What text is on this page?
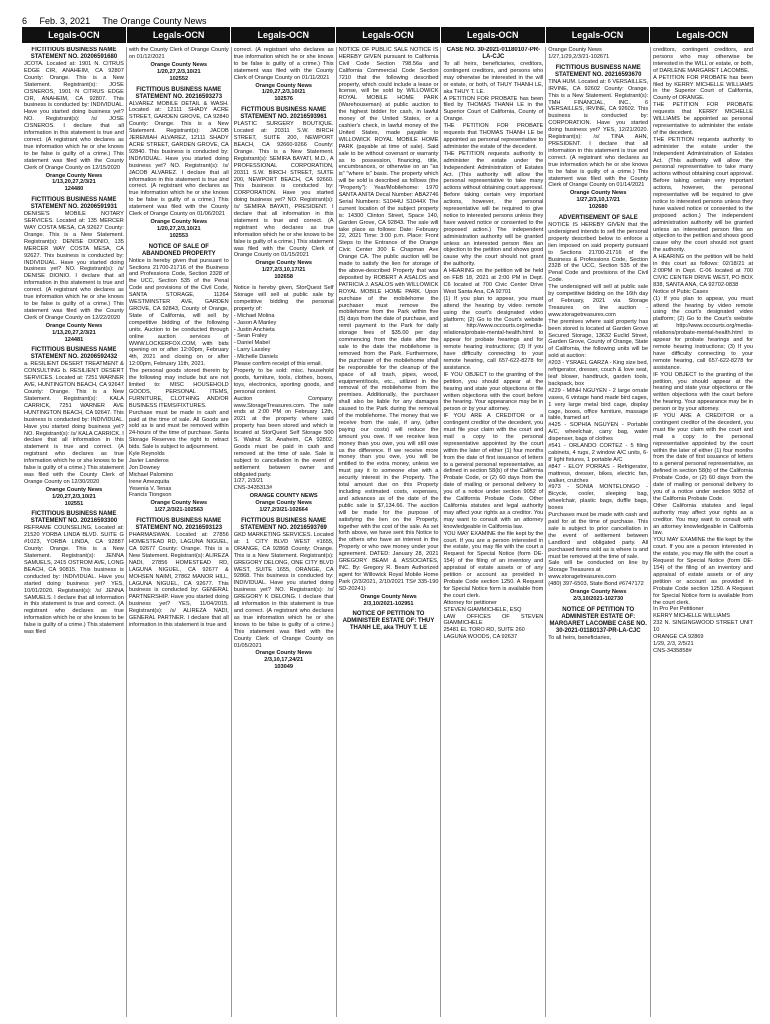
6 Feb. 3, 2021 The Orange County News
Legals-OCN	Legals-OCN	Legals-OCN	Legals-OCN	Legals-OCN	Legals-OCN	Legals-OCN
FICTITIOUS BUSINESS NAME STATEMENT NO. 20206591680
JCOTA. Located at: 1901 N. CITRUS EDGE CIR, ANAHEIM, CA 92807 County: Orange. This is a New Statement. Registrant(s): JOSE CISNEROS, 1901 N CITRUS EDGE CIR, ANAHEIM, CA 92807. This business is conducted by: INDIVIDUAL. Have you started doing business yet? NO. Registrant(s): /s/ JOSE CISNEROS. I declare that all information in this statement is true and correct. (A registrant who declares as true information which he or she knows to be false is guilty of a crime.) This statement was filed with the County Clerk of Orange County on 12/15/2020
Orange County News
1/13,20,27,2/3/21
124480
FICTITIOUS BUSINESS NAME STATEMENT NO. 20206591931
DENISE'S MOBILE NOTARY SERVICES. Located at: 135 MERCER WAY COSTA MESA, CA 92627 County: Orange. This is a New Statement. Registrant(s): DENISE DIONIO, 135 MERCER WAY COSTA MESA, CA 92627. This business is conducted by: INDIVIDUAL. Have you started doing business yet? NO. Registrant(s): /s/ DENISE DIONIO. I declare that all information in this statement is true and correct. (A registrant who declares as true information which he or she knows to be false is guilty of a crime.) This statement was filed with the County Clerk of Orange County on 12/22/2020
Orange County News
1/13,20,27,2/3/21
124481
FICTITIOUS BUSINESS NAME STATEMENT NO. 20206592432
a. RESILIENT DESERT TREATMENT & CONSULTING b. RESILIENT DESERT SERVICES. Located at: 7251 WARNER AVE, HUNTINGTON BEACH, CA 92647 County: Orange. This is a New Statement. Registrant(s): KALA CARRICK, 7251 WARNER AVE HUNTINGTON BEACH, CA 92647. This business is conducted by: INDIVIDUAL. Have you started doing business yet? NO. Registrant(s): /s/ KALA CARRICK. I declare that all information in this statement is true and correct. (A registrant who declares as true information which he or she knows to be false is guilty of a crime.) This statement was filed with the County Clerk of Orange County on 12/30/2020
Orange County News
1/20,27,2/3,10/21
102551
FICTITIOUS BUSINESS NAME STATEMENT NO. 20216593300
REFRAME COUNSELING. Located at: 21520 YORBA LINDA BLVD. SUITE G #1023, YORBA LINDA, CA 92887 County: Orange. This is a New Statement. Registrant(s): JENNA SAMUELS, 2415 OSTROM AVE, LONG BEACH, CA 90815. This business is conducted by: INDIVIDUAL. Have you started doing business yet? YES, 10/01/2020. Registrant(s): /s/ JENNA SAMUELS. I declare that all information in this statement is true and correct. (A registrant who declares as true information which he or she knows to be false is guilty of a crime.) This statement was filed
with the County Clerk of Orange County on 01/12/2021
Orange County News
1/20,27,2/3,10/21
102552
FICTITIOUS BUSINESS NAME STATEMENT NO. 20216593273
ALVAREZ MOBILE DETAIL & WASH. Located at: 12111 SHADY ACRE STREET, GARDEN GROVE, CA 92840 County: Orange. This is a New Statement. Registrant(s): JACOB JEREMIAH ALVAREZ, 12111 SHADY ACRE STREET, GARDEN GROVE, CA 92840. This business is conducted by: INDIVIDUAL. Have you started doing business yet? NO. Registrant(s): /s/ JACOB ALVAREZ. I declare that all information in this statement is true and correct. (A registrant who declares as true information which he or she knows to be false is guilty of a crime.) This statement was filed with the County Clerk of Orange County on 01/06/2021
Orange County News
1/20,27,2/3,10/21
102553
NOTICE OF SALE OF ABANDONED PROPERTY
Notice is hereby given that pursuant to Sections 21700-21716 of the Business and Professions Code, Section 2328 of the UCC, Section 535 of the Penal Code and provisions of the Civil Code, SANTA STORAGE, 11264 WESTMINSTER AVE, GARDEN GROVE, CA 92843, County of Orange, State of California, will sell by competitive bidding of the following units. Auction to be conducted through online auction services of WWW.LOCKERFOX.COM, with bids opening on or after 12:00pm, February 4th, 2021 and closing on or after 12:00pm, February 11th, 2021.
The personal goods stored therein by the following may include but are not limited to: MISC HOUSEHOLD GOODS, PERSONAL ITEMS, FURNITURE, CLOTHING AND/OR BUSINESS ITEMS/FIXTURES.
Purchase must be made in cash and paid at the time of sale. All Goods are sold as is and must be removed within 24-hours of the time of purchase. Santa Storage Reserves the right to retract bids. Sale is subject to adjournment.
Kyle Reynolds
Javier Landeros
Jon Downey
Michael Palomino
Irene Amezquita
Yesenia V. Tenas
Francis Tiongson
Orange County News
1/27,2/3/21-102563
FICTITIOUS BUSINESS NAME STATEMENT NO. 20216593123
PHARMASWAN. Located at: 27856 HOMESTEAD RD, LAGUNA NIGUEL, CA 92677 County: Orange. This is a New Statement. Registrant(s): ALIREZA NADI, 27856 HOMESTEAD RD, LAGUNA NIGUEL, CA 92677 & MOHSEN NAIMI, 27862 MANOR HILL, LAGUNA NIGUEL, CA 92677. This business is conducted by: GENERAL PARTNERSHIP. Have you started doing business yet? YES, 11/04/2015. Registrant(s): /s/ ALIREZA NADI, GENERAL PARTNER. I declare that all information in this statement is true and
correct. (A registrant who declares as true information which he or she knows to be false is guilty of a crime.) This statement was filed with the County Clerk of Orange County on 01/11/2021
Orange County News
1/20,27,2/3,10/21
102576
FICTITIOUS BUSINESS NAME STATEMENT NO. 20216593961
PLASTIC SURGERY BOUTIQUE. Located at: 20311 S.W. BIRCH STREET, SUITE 200, NEWPORT BEACH, CA 92660-9266 County: Orange. This is a New Statement. Registrant(s): SEMIRA BAYATI, M.D., A PROFESSIONAL CORPORATION, 20311 S.W. BIRCH STREET, SUITE 200, NEWPORT BEACH, CA 92660. This business is conducted by: CORPORATION. Have you started doing business yet? NO. Registrant(s): /s/ SEMIRA BAYATI, PRESIDENT. I declare that all information in this statement is true and correct. (A registrant who declares as true information which he or she knows to be false is guilty of a crime.) This statement was filed with the County Clerk of Orange County on 01/15/2021
Orange County News
1/27,2/3,10,17/21
102658
Notice is hereby given, StorQuest Self Storage will sell at public sale by competitive bidding the personal property of:
- Michael Molina
- Jason A Manley
- Justin Anchieta
- Sean Fraley
- Daniel Mabel
- Larry Lassley
- Michelle Daniels
Please confirm receipt of this email.
Property to be sold: misc. household goods, furniture, tools, clothes, boxes, toys, electronics, sporting goods, and personal content.
Auction Company: www.StorageTreasures.com. The sale ends at 2:00 PM on February 12th, 2021 at the property where said property has been stored and which is located at StorQuest Self Storage 500 S. Walnut St. Anaheim, CA 92802. Goods must be paid in cash and removed at the time of sale. Sale is subject to cancellation in the event of settlement between owner and obligated party.
1/27, 2/3/21
CNS-3435313#
ORANGE COUNTY NEWS
Orange County News
1/27,2/3/21-102664
FICTITIOUS BUSINESS NAME STATEMENT NO. 20216593769
GKD MARKETING SERVICES. Located at: 1 CITY BLVD WEST #1655, ORANGE, CA 92868 County: Orange. This is a New Statement. Registrant(s): GREGORY DELONG, ONE CITY BLVD WEST, SUITE 1655, ORANGE, CA 92868. This business is conducted by: INDIVIDUAL. Have you started doing business yet? NO. Registrant(s): /s/ GREGORY K DELONG. I declare that all information in this statement is true and correct. (A registrant who declares as true information which he or she knows to be false is guilty of a crime.) This statement was filed with the County Clerk of Orange County on 01/05/2021
Orange County News
2/3,10,17,24/21
103049
NOTICE OF PUBLIC SALE NOTICE IS HEREBY GIVEN pursuant to California Civil Code Section 798.56a and California Commercial Code Section 7210 that the following described property, which could include a lease or license, will be sold by WILLOWICK ROYAL MOBILE HOME PARK (Warehouseman) at public auction to the highest bidder for cash, in lawful money of the United States, or a cashier's check, in lawful money of the United States, made payable to WILLOWICK ROYAL MOBILE HOME PARK (payable at time of sale). Said sale to be without covenant or warranty as to possession, financing, title, encumbrances, or otherwise on an "as is" "where is" basis. The property which will be sold is described as follows (the "Property"): Year/Mobilehome: 1970 SANTA ANITA Decal Number: ABA2746 Serial Numbers: S1044U S1044X The current location of the subject property is: 14300 Clinton Street, Space 140, Garden Grove, CA 92843. The sale will take place as follows: Date: February 22, 2021 Time: 3:00 p.m. Place: Front Steps to the Entrance of the Orange Civic Center 300 E Chapman Ave Orange CA. The public auction will be made to satisfy the lien for storage of the above-described Property that was deposited by ROBERT A ASALOS and PATRICIA J. ASALOS with WILLOWICK ROYAL MOBILE HOME PARK. Upon purchase of the mobilehome the purchaser must remove the mobilehome from the Park within five (5) days from the date of purchase, and remit payment to the Park for daily storage fees of $35.00 per day commencing from the date after the sale to the date the mobilehome is removed from the Park. Furthermore, the purchaser of the mobilehome shall be responsible for the cleanup of the space of all trash, pipes, wood, equipment/tools, etc., utilized in the removal of the mobilehome from the premises. Additionally, the purchaser shall also be liable for any damages caused to the Park during the removal of the mobilehome. The money that we receive from the sale, if any, (after paying our costs) will reduce the amount you owe. If we receive less money than you owe, you will still owe us the difference. If we receive more money than you owe, you will be entitled to the extra money, unless we must pay it to someone else with a security interest in the Property. The total amount due on this Property including estimated costs, expenses, and advances as of the date of the public sale is $7,134.66. The auction will be made for the purpose of satisfying the lien on the Property, together with the cost of the sale. As set forth above, we have sent this Notice to the others who have an interest in the Property or who owe money under your agreement. DATED: January 28, 2021 GREGORY BEAM & ASSOCIATES, INC. By: Gregory R. Beam Authorized agent for Willowick Royal Mobile Home Park (2/3/2021, 2/10/2021 TS# 335-190 SD-20241)
Orange County News
2/3,10/2021-102951
NOTICE OF PETITION TO ADMINISTER ESTATE OF: THUY THANH LE, aka THUY T. LE
CASE NO. 30-2021-01180107-PR-LA-CJC
To all heirs, beneficiaries, creditors, contingent creditors, and persons who may otherwise be interested in the will or estate, or both, of THUY THANH LE, aka THUY T. LE.
A PETITION FOR PROBATE has been filed by THOMAS THANH LE in the Superior Court of California, County of Orange.
THE PETITION FOR PROBATE requests that THOMAS THANH LE be appointed as personal representative to administer the estate of the decedent.
THE PETITION requests authority to administer the estate under the Independent Administration of Estates Act. (This authority will allow the personal representative to take many actions without obtaining court approval. Before taking certain very important actions, however, the personal representative will be required to give notice to interested persons unless they have waived notice or consented to the proposed action.) The independent administration authority will be granted unless an interested person files an objection to the petition and shows good cause why the court should not grant the authority.
A HEARING on the petition will be held on FEB 18, 2021 at 2:00 PM in Dept. C6 located at 700 Civic Center Drive West Santa Ana, CA 92701
(1) If you plan to appear, you must attend the hearing by video remote using the court's designated video platform; (2) Go to the Court's website at http://www.occourts.org/media-relations/probate-mental-health.html to appear for probate hearings and for remote hearing instructions; (3) If you have difficulty connecting to your remote hearing, call 657-622-8278 for assistance.
IF YOU OBJECT to the granting of the petition, you should appear at the hearing and state your objections or file written objections with the court before the hearing. Your appearance may be in person or by your attorney.
IF YOU ARE A CREDITOR or a contingent creditor of the decedent, you must file your claim with the court and mail a copy to the personal representative appointed by the court within the later of either (1) four months from the date of first issuance of letters to a general personal representative, as defined in section 58(b) of the California Probate Code, or (2) 60 days from the date of mailing or personal delivery to you of a notice under section 9052 of the California Probate Code. Other California statutes and legal authority may affect your rights as a creditor. You may want to consult with an attorney knowledgeable in California law.
YOU MAY EXAMINE the file kept by the court. If you are a person interested in the estate, you may file with the court a Request for Special Notice (form DE-154) of the filing of an inventory and appraisal of estate assets or of any petition or account as provided in Probate Code section 1250. A Request for Special Notice form is available from the court clerk.
Attorney for petitioner
STEVEN GIAMMICHELE, ESQ
LAW OFFICES OF STEVEN GIAMMICHELE
25481 EL TORO RD, SUITE 260
LAGUNA WOODS, CA 92637
Orange County News
1/27,1/29,2/3/21-102671
FICTITIOUS BUSINESS NAME STATEMENT NO. 20216593670
TINA HUM. Located at: 6 VERSAILLES, IRVINE, CA 92602 County: Orange. This is a New Statement. Registrant(s): TMH FINANCIAL, INC., 6 VERSAILLES, IRVINE, CA 92602. This business is conducted by: CORPORATION. Have you started doing business yet? YES, 12/21/2020. Registrant(s): /s/ TINA AHN, PRESIDENT. I declare that all information in this statement is true and correct. (A registrant who declares as true information which he or she knows to be false is guilty of a crime.) This statement was filed with the County Clerk of Orange County on 01/14/2021
Orange County News
1/27,2/3,10,17/21
102680
ADVERTISEMENT OF SALE
NOTICE IS HEREBY GIVEN that the undersigned intends to sell the personal property described below to enforce a lien imposed on said property pursuant to Sections 21700-21716 of the Business & Professions Code, Section 2328 of the UCC, Section 535 of the Penal Code and provisions of the Civil Code.
The undersigned will sell at public sale by competitive bidding on the 16th day of February, 2021 via Storage Treasures on line auction - www.storagetreasures.com
The premises where said property has been stored is located at Garden Grove Secured Storage, 13632 Euclid Street, Garden Grove, County of Orange, State of California, the following units will be sold at auction:
#203 - YSRAEL GARZA - King size bed, refrigerator, dresser, couch & love seat, leaf blower, handtruck, garden tools, backpack, box
#229 - MINH NGUYEN - 2 large ornate vases, 6 vintage hand made bird cages, 1 very large metal bird cage, display cage, boxes, office furniture, massage table, framed art
#425 - SOPHIA NGUYEN - Portable A/C, wheelchair, carry bag, water dispenser, bags of clothes
#541 - ORLANDO CORTEZ - 5 filing cabinets, 4 rugs, 2 window A/C units, 6-8' light fixtures, 1 portable A/C
#847 - ELOY PORRAS - Refrigerator, mattress, dresser, bikes, electric fan, walker, crutches
#973 - SONIA MONTELONGO - Bicycle, cooler, sleeping bag, wheelchair, plastic bags, duffle bags, boxes
Purchases must be made with cash and paid for at the time of purchase. This sale is subject to prior cancellation in the event of settlement between Landlord and obligated party. All purchased items sold as is where is and must be removed at the time of sale.
Sale will be conducted on line by Storage Treasures at
www.storagetreasures.com
(480) 397-6503, State Bond #6747172
Orange County News
2/3,10/2021-102730
NOTICE OF PETITION TO ADMINISTER ESTATE OF: MARGARET LACOMBE CASE NO. 30-2021-01180137-PR-LA-CJC
To all heirs, beneficiaries,
creditors, contingent creditors, and persons who may otherwise be interested in the WILL or estate, or both, of DARLENE MARGARET LACOMBE.
A PETITION FOR PROBATE has been filed by KERRY MICHELLE WILLIAMS in the Superior Court of California, County of ORANGE.
THE PETITION FOR PROBATE requests that KERRY MICHELLE WILLIAMS be appointed as personal representative to administer the estate of the decedent.
THE PETITION requests authority to administer the estate under the Independent Administration of Estates Act. (This authority will allow the personal representative to take many actions without obtaining court approval. Before taking certain very important actions, however, the personal representative will be required to give notice to interested persons unless they have waived notice or consented to the proposed action.) The independent administration authority will be granted unless an interested person files an objection to the petition and shows good cause why the court should not grant the authority.
A HEARING on the petition will be held in this court as follows: 02/18/21 at 2:00PM in Dept. C-06 located at 700 CIVIC CENTER DRIVE WEST, PO BOX 838, SANTA ANA, CA 92702-0838
Notice of Pubic Cases
(1) If you plan to appear, you must attend the hearing by video remote using the court's designated video platform; (2) Go to the Court's website at http://www.occourts.org/media-relations/probate-mental-health.html to appear for probate hearings and for remote hearing instructions; (3) If you have difficulty connecting to your remote hearing, call 657-622-8278 for assistance.
IF YOU OBJECT to the granting of the petition, you should appear at the hearing and state your objections or file written objections with the court before the hearing. Your appearance may be in person or by your attorney.
IF YOU ARE A CREDITOR or a contingent creditor of the decedent, you must file your claim with the court and mail a copy to the personal representative appointed by the court within the later of either (1) four months from the date of first issuance of letters to a general personal representative, as defined in section 58(b) of the California Probate Code, or (2) 60 days from the date of mailing or personal delivery to you of a notice under section 9052 of the California Probate Code.
Other California statutes and legal authority may affect your rights as a creditor. You may want to consult with an attorney knowledgeable in California law.
YOU MAY EXAMINE the file kept by the court. If you are a person interested in the estate, you may file with the court a Request for Special Notice (form DE-154) of the filing of an inventory and appraisal of estate assets or of any petition or account as provided in Probate Code section 1250. A Request for Special Notice form is available from the court clerk.
In Pro Per Petitioner
KERRY MICHELLE WILLIAMS
232 N. SINGINGWOOD STREET UNIT 10
ORANGE CA 92869
1/29, 2/3, 2/5/21
CNS-3435858#
